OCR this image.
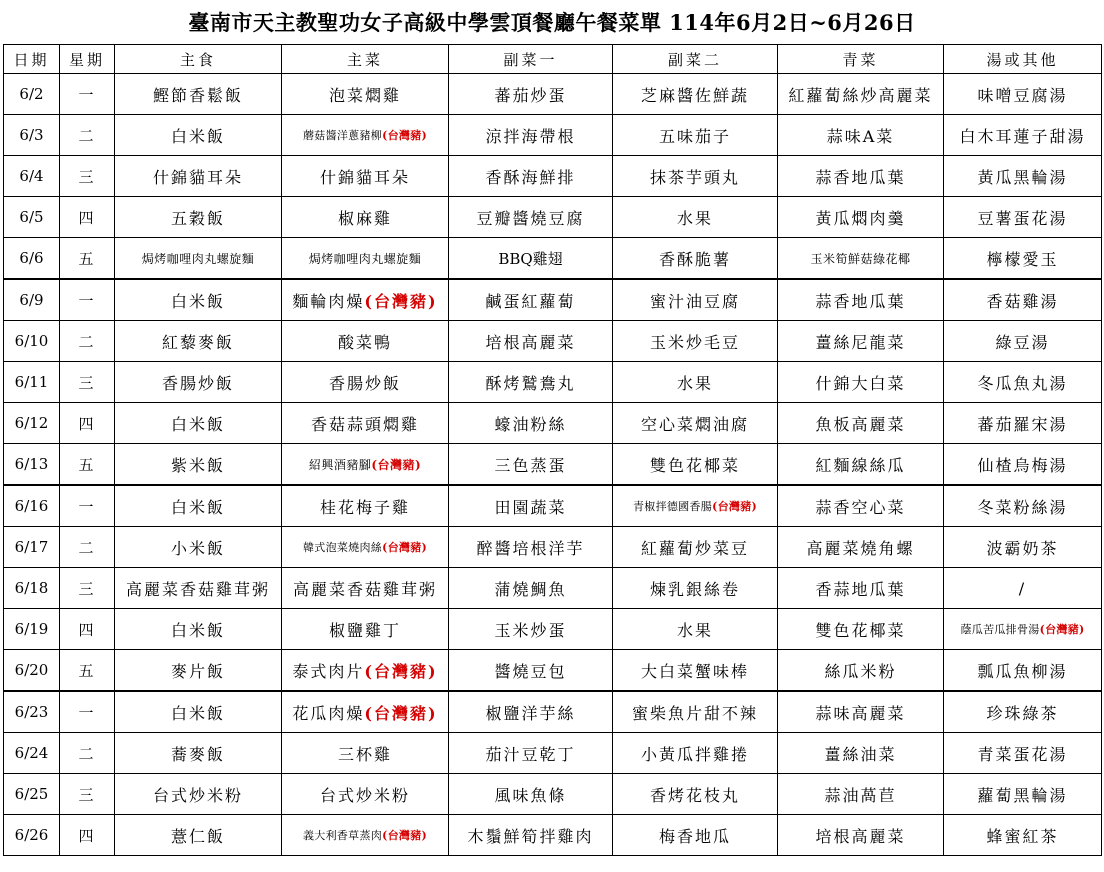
臺南市天主教聖功女子高級中學雲頂餐廳午餐菜單 114年6月2日~6月26日
日期	星期	主食	主菜	副菜一	副菜二	青菜	湯或其他
6/2	一	鰹節香鬆飯	泡菜燜雞	蕃茄炒蛋	芝麻醬佐鮮蔬	紅蘿蔔絲炒高麗菜	味噌豆腐湯
6/3	二	白米飯	蘑菇醬洋蔥豬柳(台灣豬)	涼拌海帶根	五味茄子	蒜味A菜	白木耳蓮子甜湯
6/4	三	什錦貓耳朵	什錦貓耳朵	香酥海鮮排	抹茶芋頭丸	蒜香地瓜葉	黃瓜黑輪湯
6/5	四	五穀飯	椒麻雞	豆瓣醬燒豆腐	水果	黃瓜燜肉羹	豆薯蛋花湯
6/6	五	焗烤咖哩肉丸螺旋麵	焗烤咖哩肉丸螺旋麵	BBQ雞翅	香酥脆薯	玉米筍鮮菇綠花椰	檸檬愛玉
6/9	一	白米飯	麵輪肉燥(台灣豬)	鹹蛋紅蘿蔔	蜜汁油豆腐	蒜香地瓜葉	香菇雞湯
6/10	二	紅藜麥飯	酸菜鴨	培根高麗菜	玉米炒毛豆	薑絲尼龍菜	綠豆湯
6/11	三	香腸炒飯	香腸炒飯	酥烤鷲鴦丸	水果	什錦大白菜	冬瓜魚丸湯
6/12	四	白米飯	香菇蒜頭燜雞	蠔油粉絲	空心菜燜油腐	魚板高麗菜	蕃茄羅宋湯
6/13	五	紫米飯	紹興酒豬腳(台灣豬)	三色蒸蛋	雙色花椰菜	紅麵線絲瓜	仙楂烏梅湯
6/16	一	白米飯	桂花梅子雞	田園蔬菜	青椒拌德國香腸(台灣豬)	蒜香空心菜	冬菜粉絲湯
6/17	二	小米飯	韓式泡菜燒肉絲(台灣豬)	醉醬培根洋芋	紅蘿蔔炒菜豆	高麗菜燒角螺	波霸奶茶
6/18	三	高麗菜香菇雞茸粥	高麗菜香菇雞茸粥	蒲燒鯛魚	煉乳銀絲卷	香蒜地瓜葉	/
6/19	四	白米飯	椒鹽雞丁	玉米炒蛋	水果	雙色花椰菜	蔭瓜苦瓜排骨湯(台灣豬)
6/20	五	麥片飯	泰式肉片(台灣豬)	醬燒豆包	大白菜蟹味棒	絲瓜米粉	瓢瓜魚柳湯
6/23	一	白米飯	花瓜肉燥(台灣豬)	椒鹽洋芋絲	蜜柴魚片甜不辣	蒜味高麗菜	珍珠綠茶
6/24	二	蕎麥飯	三杯雞	茄汁豆乾丁	小黃瓜拌雞捲	薑絲油菜	青菜蛋花湯
6/25	三	台式炒米粉	台式炒米粉	風味魚條	香烤花枝丸	蒜油萵苣	蘿蔔黑輪湯
6/26	四	薏仁飯	義大利香草蒸肉(台灣豬)	木鬚鮮筍拌雞肉	梅香地瓜	培根高麗菜	蜂蜜紅茶
